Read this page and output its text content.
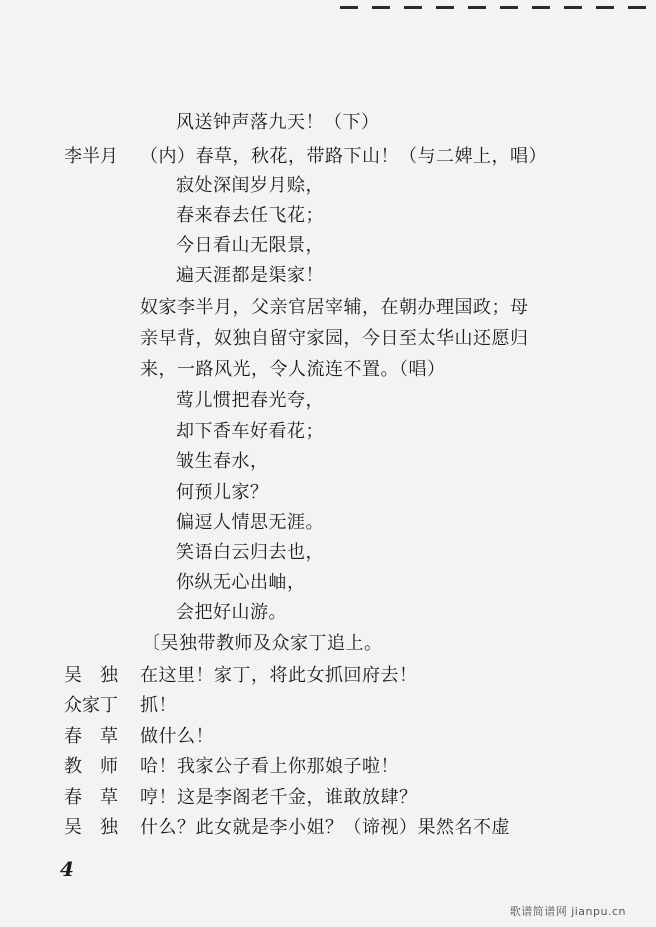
风送钟声落九天！（下）
李半月 （内）春草，秋花，带路下山！（与二婢上，唱）
寂处深闺岁月赊，
春来春去任飞花；
今日看山无限景，
遍天涯都是渠家！
奴家李半月，父亲官居宰辅，在朝办理国政；母
亲早背，奴独自留守家园，今日至太华山还愿归
来，一路风光，令人流连不置。（唱）
莺儿惯把春光夸，
却下香车好看花；
皱生春水，
何预儿家？
偏逗人情思无涯。
笑语白云归去也，
你纵无心出岫，
会把好山游。
〔吴独带教师及众家丁追上。
吴　独 在这里！家丁，将此女抓回府去！
众家丁 抓！
春　草 做什么！
教　师 哈！我家公子看上你那娘子啦！
春　草 哼！这是李阁老千金，谁敢放肆？
吴　独 什么？此女就是李小姐？（谛视）果然名不虚
4
歌谱简谱网 jianpu.cn
